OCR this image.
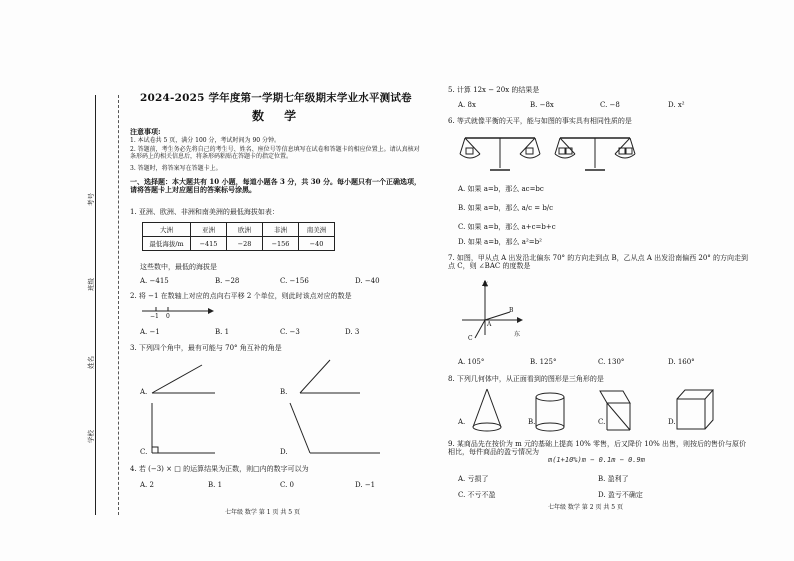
考号
班级
姓名
学校
2024-2025 学年度第一学期七年级期末学业水平测试卷
数 学
注意事项:
1. 本试卷共 5 页，满分 100 分，考试时间为 90 分钟。
2. 答题前，考生务必先将自己的考生号、姓名、座位号等信息填写在试卷和答题卡的相应位置上。请认真核对条形码上的相关信息后，将条形码粘贴在答题卡的指定位置。
3. 答题时，将答案写在答题卡上。
一、选择题：本大题共有 10 小题，每道小题各 3 分，共 30 分。每小题只有一个正确选项，请将答题卡上对应题目的答案标号涂黑。
1. 亚洲、欧洲、非洲和南美洲的最低海拔如表：
大洲	亚洲	欧洲	非洲	南美洲
最低海拔/m	−415	−28	−156	−40
这些数中，最低的海拔是
A. −415	B. −28	C. −156	D. −40
2. 将 −1 在数轴上对应的点向右平移 2 个单位，则此时该点对应的数是
−1 0
A. −1	B. 1	C. −3	D. 3
3. 下列四个角中，最有可能与 70° 角互补的角是
A.	B.
C.	D.
4. 若 (−3) × □ 的运算结果为正数，则□内的数字可以为
A. 2	B. 1	C. 0	D. −1
七年级 数学 第 1 页 共 5 页
5. 计算 12x − 20x 的结果是
A. 8x	B. −8x	C. −8	D. x²
6. 等式就像平衡的天平，能与如图的事实具有相同性质的是
A. 如果 a=b，那么 ac=bc
B. 如果 a=b，那么 a/c = b/c
C. 如果 a=b，那么 a+c=b+c
D. 如果 a=b，那么 a²=b²
7. 如图，甲从点 A 出发沿北偏东 70° 的方向走到点 B，乙从点 A 出发沿南偏西 20° 的方向走到点 C，则 ∠BAC 的度数是
北
东
A
B
C
A. 105°	B. 125°	C. 130°	D. 160°
8. 下列几何体中，从正面看到的图形是三角形的是
A.	B.	C.	D.
9. 某商品先在按价为 m 元的基础上提高 10% 零售，后又降价 10% 出售，则按后的售价与原价相比，每件商品的盈亏情况为
m(1+10%)m − 0.1m − 0.9m
A. 亏损了	B. 盈利了
C. 不亏不盈	D. 盈亏不确定
七年级 数学 第 2 页 共 5 页
